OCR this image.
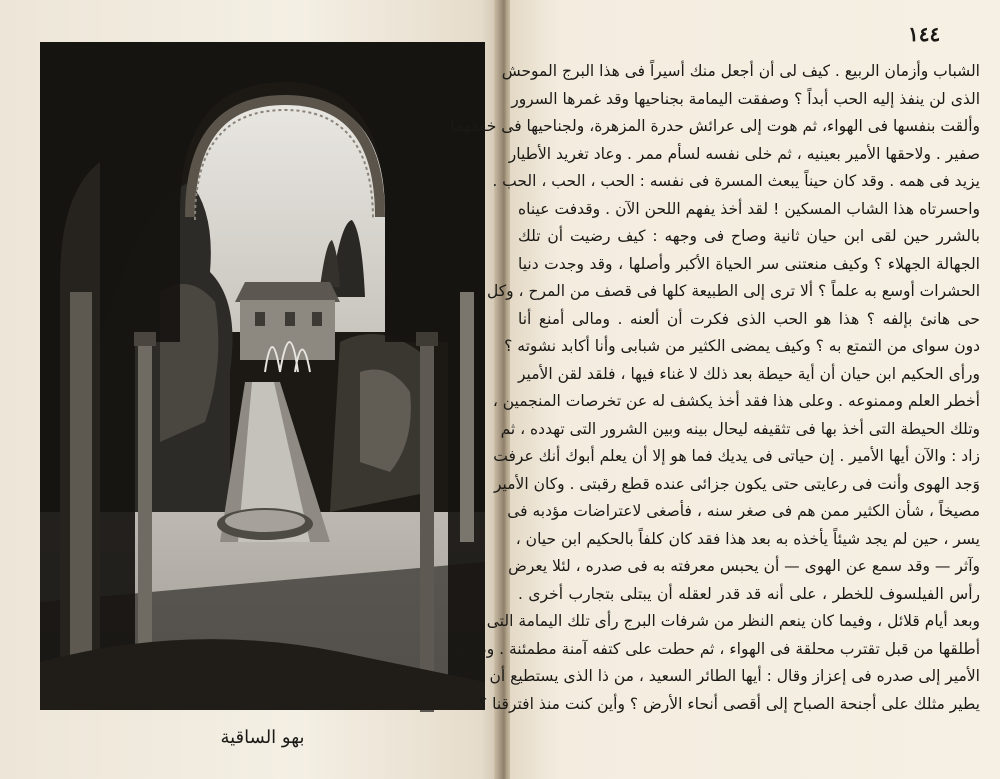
بهو الساقية
١٤٤
الشباب وأزمان الربيع . كيف لى أن أجعل منك أسيراً فى هذا البرج الموحش
الذى لن ينفذ إليه الحب أبداً ؟ وصفقت اليمامة بجناحيها وقد غمرها السرور
وألقت بنفسها فى الهواء، ثم هوت إلى عرائش حدرة المزهرة، ولجناحيها فى خفقهما
صفير . ولاحقها الأمير بعينيه ، ثم خلى نفسه لسأم ممر . وعاد تغريد الأطيار
يزيد فى همه . وقد كان حيناً يبعث المسرة فى نفسه : الحب ، الحب ، الحب .
واحسرتاه هذا الشاب المسكين ! لقد أخذ يفهم اللحن الآن . وقدفت عيناه
بالشرر حين لقى ابن حيان ثانية وصاح فى وجهه : كيف رضيت أن تلك
الجهالة الجهلاء ؟ وكيف منعتنى سر الحياة الأكبر وأصلها ، وقد وجدت دنيا
الحشرات أوسع به علماً ؟ ألا ترى إلى الطبيعة كلها فى قصف من المرح ، وكل
حى هانئ بإلفه ؟ هذا هو الحب الذى فكرت أن ألعنه . ومالى أمنع أنا
دون سواى من التمتع به ؟ وكيف يمضى الكثير من شبابى وأنا أكابد نشوته ؟
ورأى الحكيم ابن حيان أن أية حيطة بعد ذلك لا غناء فيها ، فلقد لقن الأمير
أخطر العلم وممنوعه . وعلى هذا فقد أخذ يكشف له عن تخرصات المنجمين ،
وتلك الحيطة التى أخذ بها فى تثقيفه ليحال بينه وبين الشرور التى تهدده ، ثم
زاد : والآن أيها الأمير . إن حياتى فى يديك فما هو إلا أن يعلم أبوك أنك عرفت
وَجد الهوى وأنت فى رعايتى حتى يكون جزائى عنده قطع رقبتى . وكان الأمير
مصيخاً ، شأن الكثير ممن هم فى صغر سنه ، فأصغى لاعتراضات مؤدبه فى
يسر ، حين لم يجد شيئاً يأخذه به بعد هذا فقد كان كلفاً بالحكيم ابن حيان ،
وآثر — وقد سمع عن الهوى — أن يحبس معرفته به فى صدره ، لئلا يعرض
رأس الفيلسوف للخطر ، على أنه قد قدر لعقله أن يبتلى بتجارب أخرى .
وبعد أيام قلائل ، وفيما كان ينعم النظر من شرفات البرج رأى تلك اليمامة التى
أطلقها من قبل تقترب محلقة فى الهواء ، ثم حطت على كتفه آمنة مطمئنة . وضمها
الأمير إلى صدره فى إعزاز وقال : أيها الطائر السعيد ، من ذا الذى يستطيع أن
يطير مثلك على أجنحة الصباح إلى أقصى أنحاء الأرض ؟ وأين كنت منذ افترقنا ؟
